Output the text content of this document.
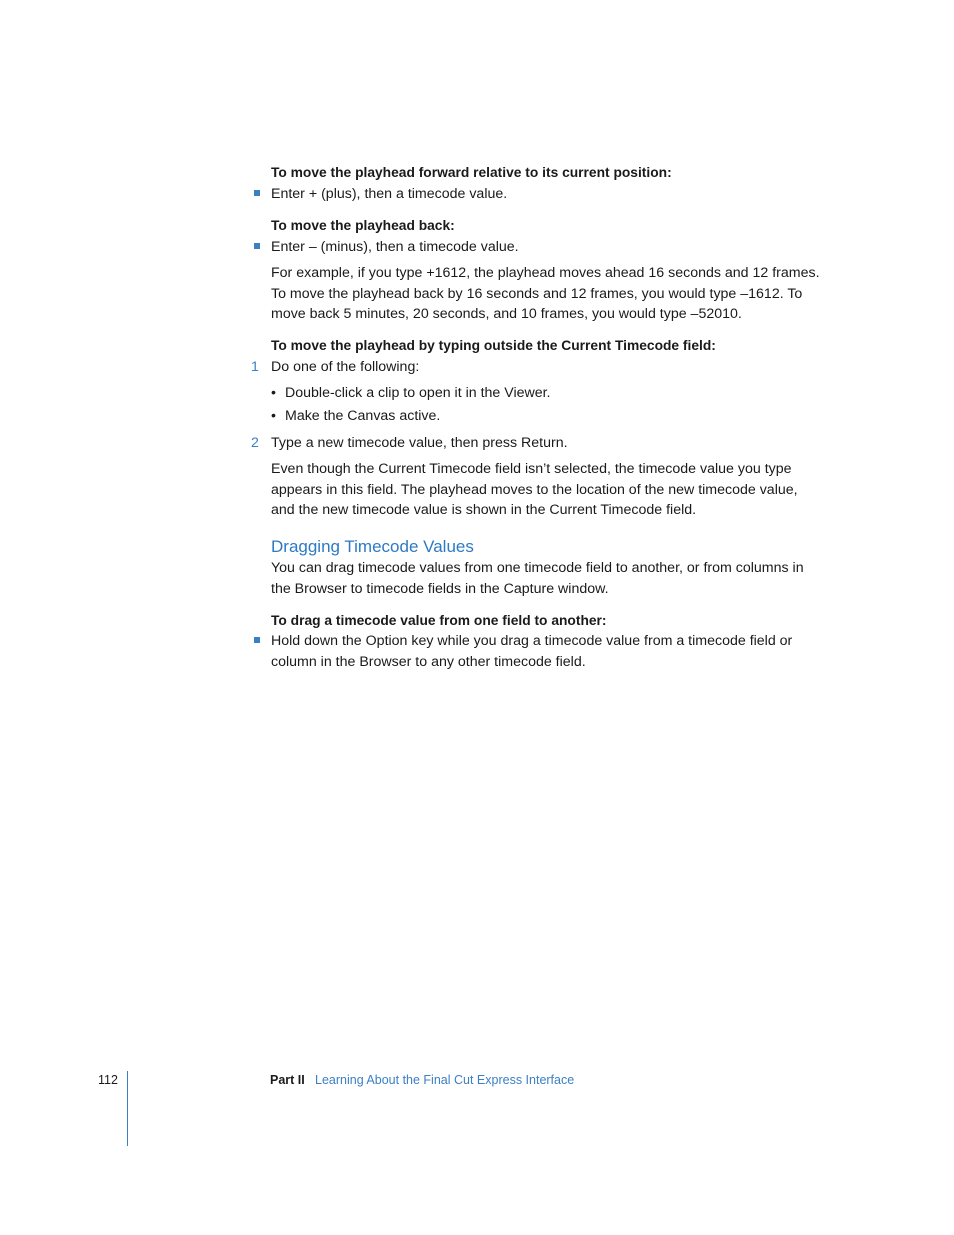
To move the playhead forward relative to its current position:
Enter + (plus), then a timecode value.
To move the playhead back:
Enter – (minus), then a timecode value.
For example, if you type +1612, the playhead moves ahead 16 seconds and 12 frames.
To move the playhead back by 16 seconds and 12 frames, you would type –1612. To
move back 5 minutes, 20 seconds, and 10 frames, you would type –52010.
To move the playhead by typing outside the Current Timecode field:
1 Do one of the following:
• Double-click a clip to open it in the Viewer.
• Make the Canvas active.
2 Type a new timecode value, then press Return.
Even though the Current Timecode field isn’t selected, the timecode value you type
appears in this field. The playhead moves to the location of the new timecode value,
and the new timecode value is shown in the Current Timecode field.
Dragging Timecode Values
You can drag timecode values from one timecode field to another, or from columns in
the Browser to timecode fields in the Capture window.
To drag a timecode value from one field to another:
Hold down the Option key while you drag a timecode value from a timecode field or
column in the Browser to any other timecode field.
112	Part II Learning About the Final Cut Express Interface
